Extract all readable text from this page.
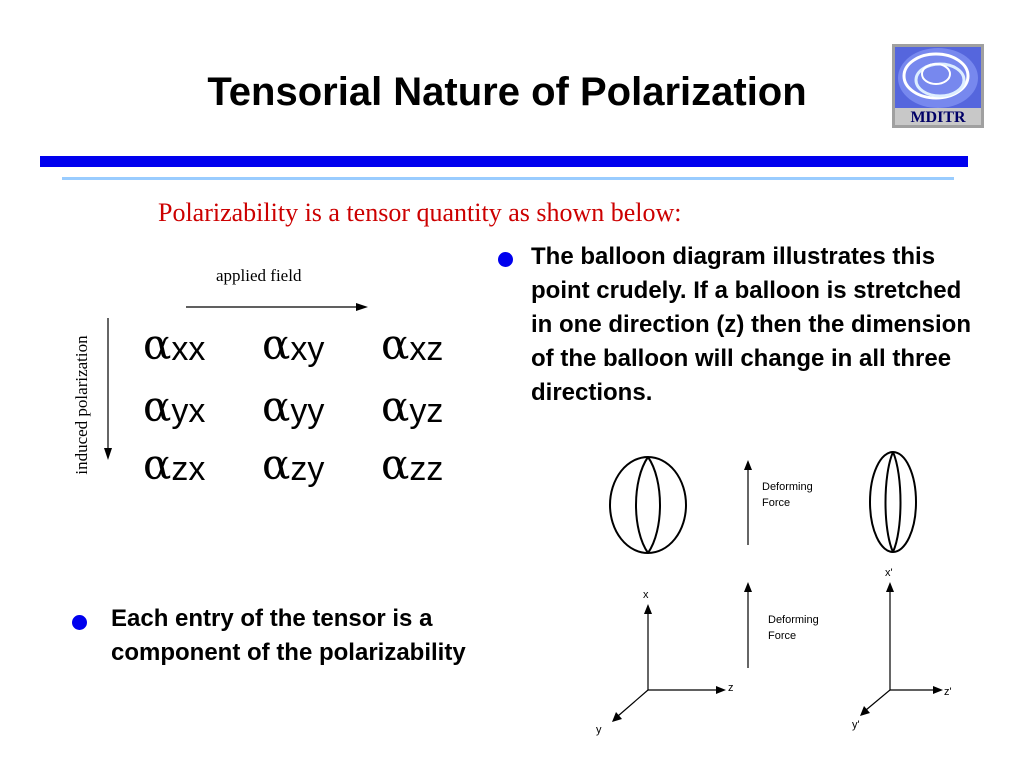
Tensorial Nature of Polarization
MDITR
Polarizability is a tensor quantity as shown below:
The balloon diagram illustrates this point crudely. If a balloon is stretched in one direction (z) then the dimension of the balloon will change in all three directions.
Each entry of the tensor is a component of the polarizability
applied field
induced polarization αxx αxy αxz
αyx αyy αyz
αzx αzy αzz	Deforming
Force
Deforming
Force
x
z
y
x'
z'
y'
